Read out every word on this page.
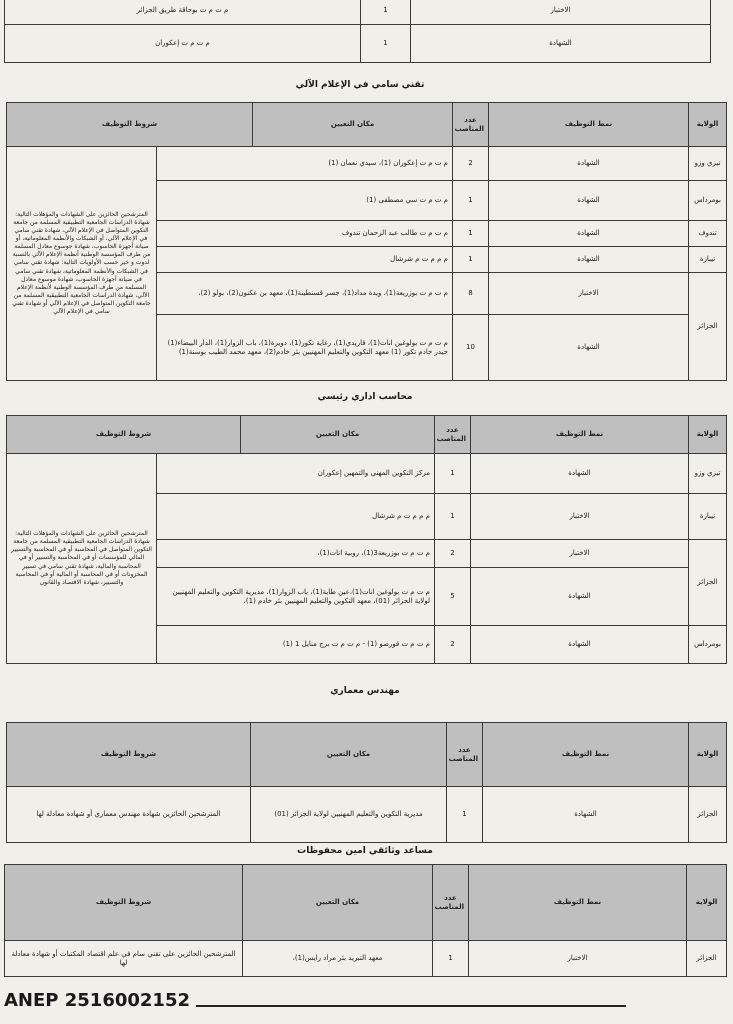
الاختبار	1	م ت م ت بوحاقة طريق الجزائر
الشهادة	1	م ت م ت إعكوران
تقني سامي في الإعلام الآلي
الولاية	نمط التوظيف	عدد المناصب	مكان التعيين	شروط التوظيف	
تيزي وزو	الشهادة	2	م ت م ت إعكوران (1)، سيدي نعمان (1)		المترشحين الحائزين على الشهادات والمؤهلات التالية: شهادة الدراسات الجامعية التطبيقية المسلمة من جامعة التكوين المتواصل في الإعلام الآلي، شهادة تقني سامي في الإعلام الآلي، أو الشبكات والأنظمة المعلوماتية، أو صيانة أجهزة الحاسوب، شهادة جوسوع معادل المسلمة من طرف المؤسسة الوطنية أنظمة الإعلام الآلي بالنسبة لدوت و خير حسب الأولويات التالية: شهادة تقني سامي في الشبكات والأنظمة المعلوماتية، شهادة تقني سامي في صيانة أجهزة الحاسوب، شهادة موسوع معادل المسلمة من طرف المؤسسة الوطنية لأنظمة الإعلام الآلي، شهادة الدراسات الجامعية التطبيقية المسلمة من جامعة التكوين المتواصل في الإعلام الآلي أو شهادة تقني سامي في الإعلام الآلي
بومرداس	الشهادة	1	م ت م ت سي مصطفى (1)		
تندوف	الشهادة	1	م ت م ت طالب عبد الرحمان تندوف		
تيبازة	الشهادة	1	م م م ت م شرشال		
الجزائر	الاختبار	8	م ت م ت بوزريعة(1)، ويدة مداد(1)، جسر قسنطينة(1)، معهد بن عكنون(2)، بولو (2)،		
	الشهادة	10	م ت م ت بولوغين انات(1)، قاريدي(1)، رغاية تكور(1)، دويرة(1)، باب الزوار(1)، الدار البيضاء(1) حيدر خادم تكور (1) معهد التكوين والتعليم المهنيين بئر خادم(2)، معهد محمد الطيب بوسنة(1)		
محاسب اداري رئيسي
الولاية	نمط التوظيف	عدد المناصب	مكان التعيين	شروط التوظيف	
تيزي وزو	الشهادة	1	مركز التكوين المهني والتمهين إعكوران		المترشحين الحائزين على الشهادات والمؤهلات التالية: شهادة الدراسات الجامعية التطبيقية المسلمة من جامعة التكوين المتواصل في المحاسبة أو في المحاسبة والتسيير المالي للمؤسسات أو في المحاسبة والتسيير أو في المحاسبة والمالية، شهادة تقني سامي في تسيير المخزونات أو في المحاسبة أو المالية أو في المحاسبة والتسيير، شهادة الاقتصاد والقانون
تيبازة	الاختبار	1	م م م ت م شرشال		
الجزائر	الاختبار	2	م ت م ت بوزريعة3(1)، روبية انات(1)،		
	الشهادة	5	م ت م ت بولوغين انات(1)،عين طاية(1)، باب الزوار(1)، مديرية التكوين والتعليم المهنيين لولاية الجزائر (01)، معهد التكوين والتعليم المهنيين بئر خادم (1)،		
بومرداس	الشهادة	2	م ت م ت قورصو (1) - م ت م ت برج منايل 1 (1)		
مهندس معماري
الولاية	نمط التوظيف	عدد المناصب	مكان التعيين	شروط التوظيف
الجزائر	الشهادة	1	مديرية التكوين والتعليم المهنيين لولاية الجزائر (01)	المترشحين الحائزين شهادة مهندس معماري أو شهادة معادلة لها
مساعد وثائقي امين محفوظات
الولاية	نمط التوظيف	عدد المناصب	مكان التعيين	شروط التوظيف
الجزائر	الاختبار	1	معهد التبريد بئر مراد رايس(1)،	المترشحين الحائزين على تقني سام في علم اقتصاد المكتبات أو شهادة معادلة لها
ANEP 2516002152
